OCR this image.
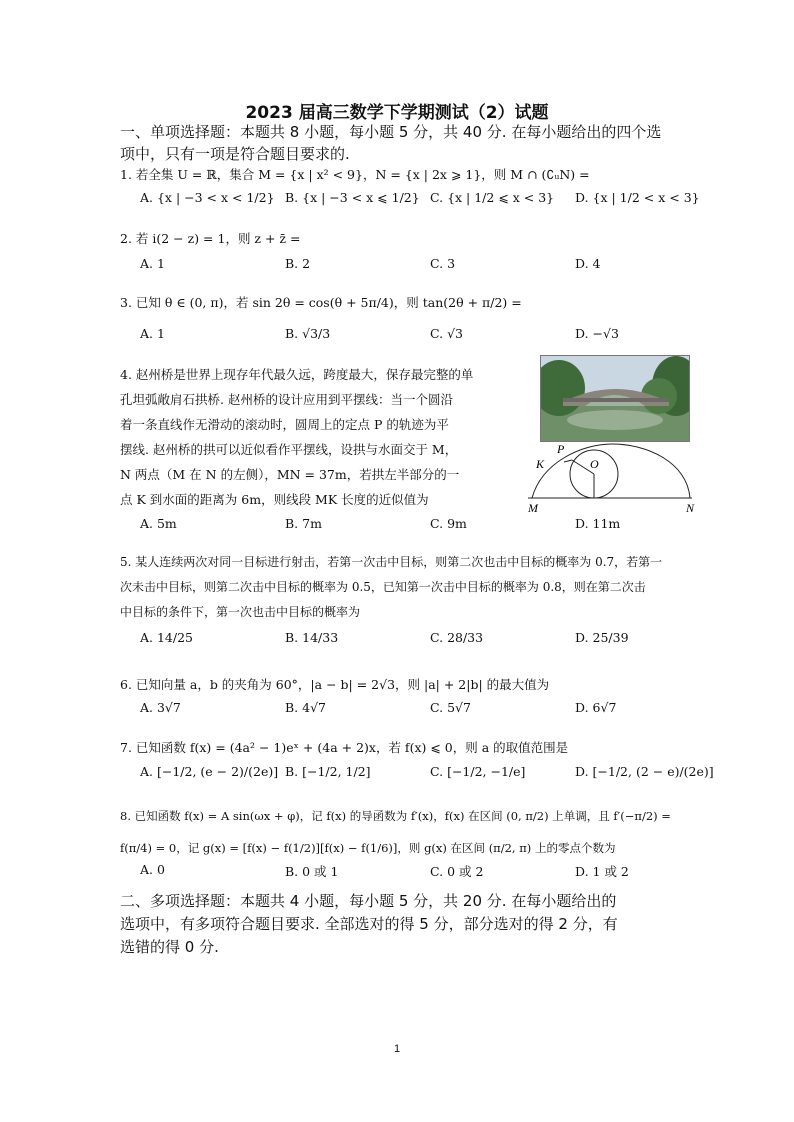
2023 届高三数学下学期测试（2）试题
一、单项选择题：本题共 8 小题，每小题 5 分，共 40 分. 在每小题给出的四个选
项中，只有一项是符合题目要求的.
1. 若全集 U = ℝ，集合 M = {x | x² < 9}，N = {x | 2x ⩾ 1}，则 M ∩ (∁ᵤN) =
A. {x | −3 < x < 1/2} B. {x | −3 < x ⩽ 1/2} C. {x | 1/2 ⩽ x < 3} D. {x | 1/2 < x < 3}
2. 若 i(2 − z) = 1，则 z + z̄ =
A. 1	B. 2	C. 3	D. 4
3. 已知 θ ∈ (0, π)，若 sin 2θ = cos(θ + 5π/4)，则 tan(2θ + π/2) =
A. 1	B. √3/3	C. √3	D. −√3
4. 赵州桥是世界上现存年代最久远，跨度最大，保存最完整的单
孔坦弧敞肩石拱桥. 赵州桥的设计应用到平摆线：当一个圆沿
着一条直线作无滑动的滚动时，圆周上的定点 P 的轨迹为平
摆线. 赵州桥的拱可以近似看作平摆线，设拱与水面交于 M，
N 两点（M 在 N 的左侧），MN = 37m，若拱左半部分的一
点 K 到水面的距离为 6m，则线段 MK 长度的近似值为
P
K	O
M	N
A. 5m	B. 7m	C. 9m	D. 11m
5. 某人连续两次对同一目标进行射击，若第一次击中目标，则第二次也击中目标的概率为 0.7，若第一
次未击中目标，则第二次击中目标的概率为 0.5，已知第一次击中目标的概率为 0.8，则在第二次击
中目标的条件下，第一次也击中目标的概率为
A. 14/25	B. 14/33	C. 28/33	D. 25/39
6. 已知向量 a，b 的夹角为 60°，|a − b| = 2√3，则 |a| + 2|b| 的最大值为
A. 3√7	B. 4√7	C. 5√7	D. 6√7
7. 已知函数 f(x) = (4a² − 1)eˣ + (4a + 2)x，若 f(x) ⩽ 0，则 a 的取值范围是
A. [−1/2, (e − 2)/(2e)] B. [−1/2, 1/2]	C. [−1/2, −1/e]	D. [−1/2, (2 − e)/(2e)]
8. 已知函数 f(x) = A sin(ωx + φ)，记 f(x) 的导函数为 f′(x)，f(x) 在区间 (0, π/2) 上单调，且 f′(−π/2) =
f(π/4) = 0，记 g(x) = [f(x) − f(1/2)][f(x) − f(1/6)]，则 g(x) 在区间 (π/2, π) 上的零点个数为
A. 0	B. 0 或 1	C. 0 或 2	D. 1 或 2
二、多项选择题：本题共 4 小题，每小题 5 分，共 20 分. 在每小题给出的
选项中，有多项符合题目要求. 全部选对的得 5 分，部分选对的得 2 分，有
选错的得 0 分.
1
